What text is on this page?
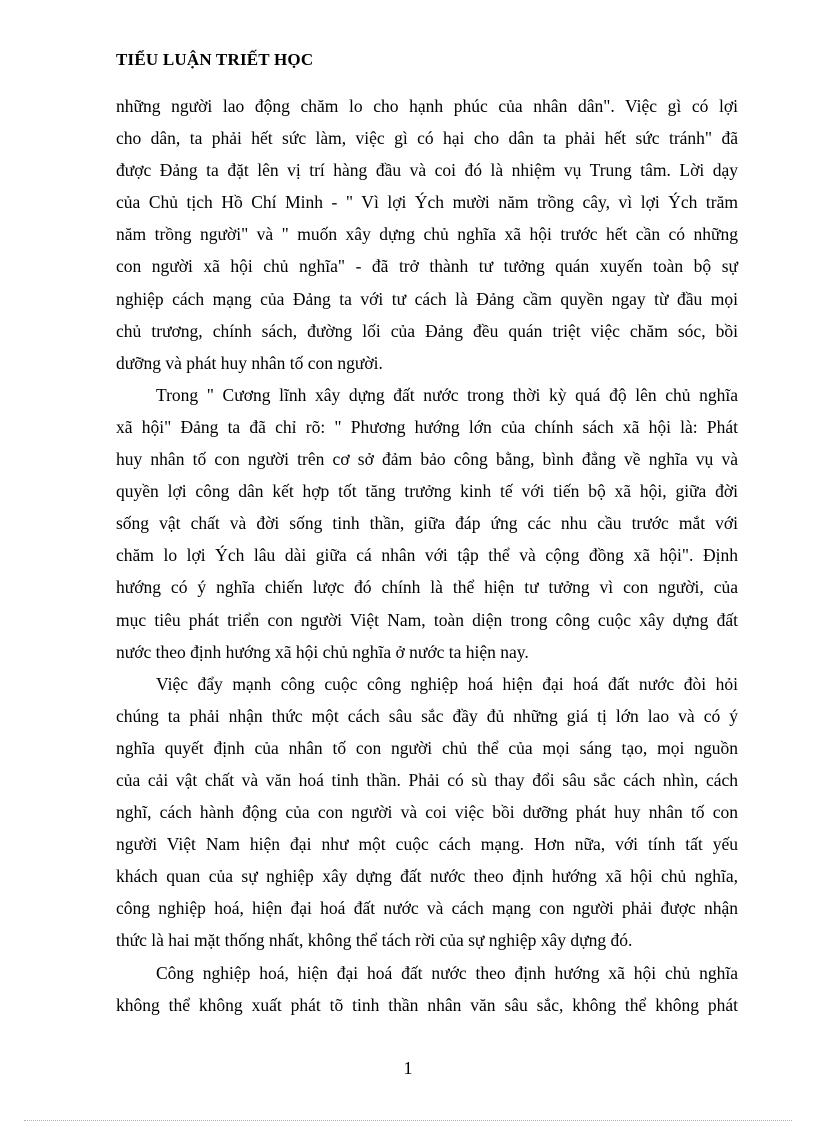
TIỂU LUẬN TRIẾT HỌC
những người lao động chăm lo cho hạnh phúc của nhân dân". Việc gì có lợi
cho dân, ta phải hết sức làm, việc gì có hại cho dân ta phải hết sức tránh" đã
được Đảng ta đặt lên vị trí hàng đầu và coi đó là nhiệm vụ Trung tâm. Lời dạy
của Chủ tịch Hồ Chí Minh - " Vì lợi Ých mười năm trồng cây, vì lợi Ých trăm
năm trồng người" và " muốn xây dựng chủ nghĩa xã hội trước hết cần có những
con người xã hội chủ nghĩa" - đã trở thành tư tưởng quán xuyến toàn bộ sự
nghiệp cách mạng của Đảng ta với tư cách là Đảng cầm quyền ngay từ đầu mọi
chủ trương, chính sách, đường lối của Đảng đều quán triệt việc chăm sóc, bồi
dưỡng và phát huy nhân tố con người.
Trong " Cương lĩnh xây dựng đất nước trong thời kỳ quá độ lên chủ nghĩa
xã hội" Đảng ta đã chỉ rõ: " Phương hướng lớn của chính sách xã hội là: Phát
huy nhân tố con người trên cơ sở đảm bảo công bằng, bình đẳng về nghĩa vụ và
quyền lợi công dân kết hợp tốt tăng trưởng kinh tế với tiến bộ xã hội, giữa đời
sống vật chất và đời sống tinh thần, giữa đáp ứng các nhu cầu trước mắt với
chăm lo lợi Ých lâu dài giữa cá nhân với tập thể và cộng đồng xã hội". Định
hướng có ý nghĩa chiến lược đó chính là thể hiện tư tưởng vì con người, của
mục tiêu phát triển con người Việt Nam, toàn diện trong công cuộc xây dựng đất
nước theo định hướng xã hội chủ nghĩa ở nước ta hiện nay.
Việc đẩy mạnh công cuộc công nghiệp hoá hiện đại hoá đất nước đòi hỏi
chúng ta phải nhận thức một cách sâu sắc đầy đủ những giá tị lớn lao và có ý
nghĩa quyết định của nhân tố con người chủ thể của mọi sáng tạo, mọi nguồn
của cải vật chất và văn hoá tinh thần. Phải có sù thay đổi sâu sắc cách nhìn, cách
nghĩ, cách hành động của con người và coi việc bồi dưỡng phát huy nhân tố con
người Việt Nam hiện đại như một cuộc cách mạng. Hơn nữa, với tính tất yếu
khách quan của sự nghiệp xây dựng đất nước theo định hướng xã hội chủ nghĩa,
công nghiệp hoá, hiện đại hoá đất nước và cách mạng con người phải được nhận
thức là hai mặt thống nhất, không thể tách rời của sự nghiệp xây dựng đó.
Công nghiệp hoá, hiện đại hoá đất nước theo định hướng xã hội chủ nghĩa
không thể không xuất phát tõ tinh thần nhân văn sâu sắc, không thể không phát
1
